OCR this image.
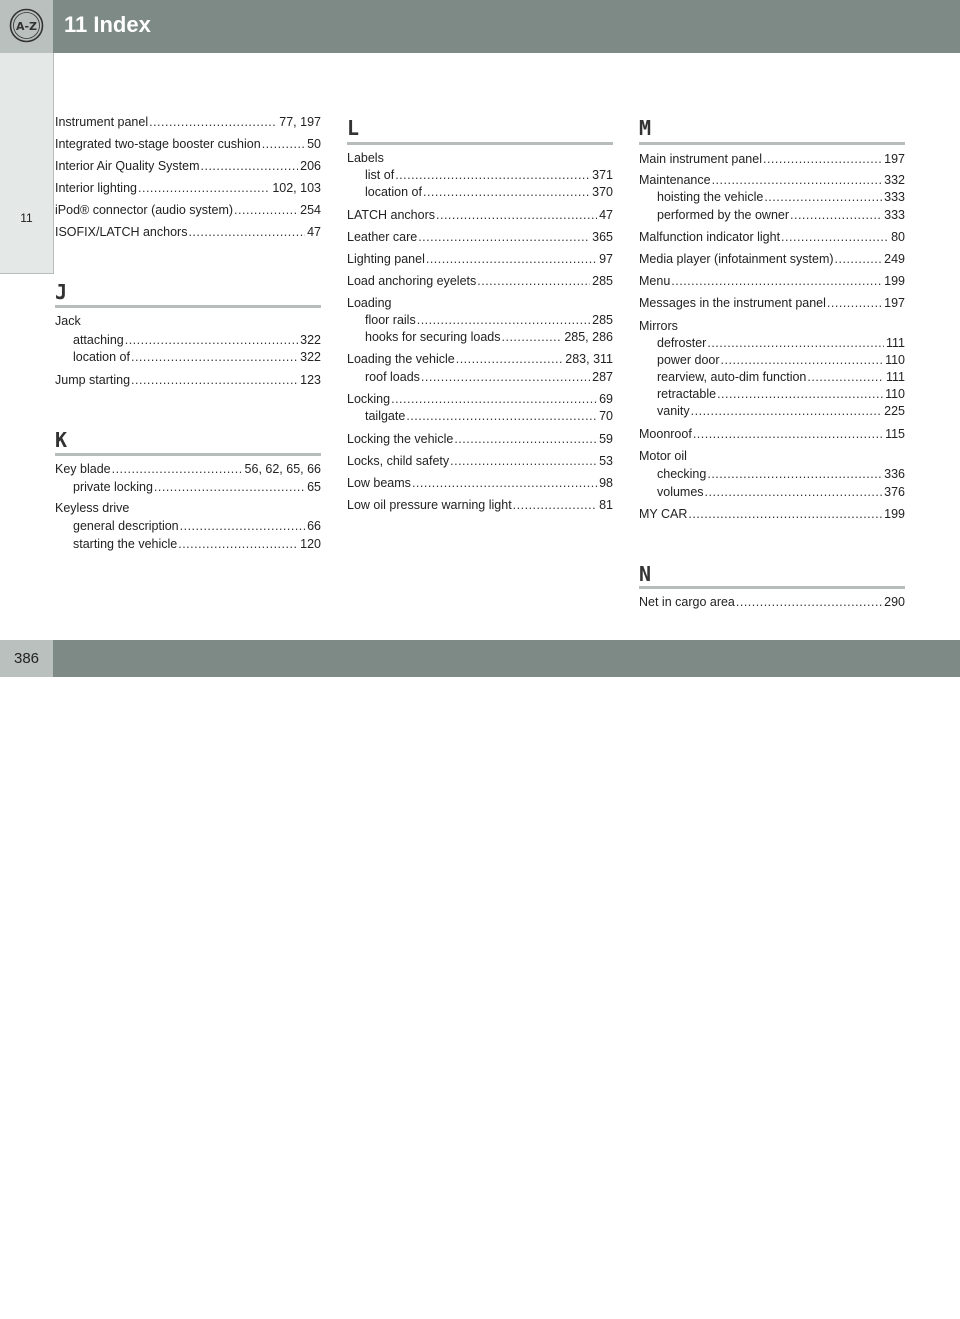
A-Z 11 Index
11
Instrument panel .....	77, 197
Integrated two-stage booster cushion .....	50
Interior Air Quality System .....	206
Interior lighting .....	102, 103
iPod® connector (audio system) .....	254
ISOFIX/LATCH anchors .....	47
J
Jack
attaching .....	322
location of .....	322
Jump starting .....	123
K
Key blade .....	56, 62, 65, 66
private locking .....	65
Keyless drive
general description .....	66
starting the vehicle .....	120
L
Labels
list of .....	371
location of .....	370
LATCH anchors .....	47
Leather care .....	365
Lighting panel .....	97
Load anchoring eyelets .....	285
Loading
floor rails .....	285
hooks for securing loads .....	285, 286
Loading the vehicle .....	283, 311
roof loads .....	287
Locking .....	69
tailgate .....	70
Locking the vehicle .....	59
Locks, child safety .....	53
Low beams .....	98
Low oil pressure warning light .....	81
M
Main instrument panel .....	197
Maintenance .....	332
hoisting the vehicle .....	333
performed by the owner .....	333
Malfunction indicator light .....	80
Media player (infotainment system) .....	249
Menu .....	199
Messages in the instrument panel .....	197
Mirrors
defroster .....	111
power door .....	110
rearview, auto-dim function .....	111
retractable .....	110
vanity .....	225
Moonroof .....	115
Motor oil
checking .....	336
volumes .....	376
MY CAR .....	199
N
Net in cargo area .....	290
386
carmanualsonline.info
